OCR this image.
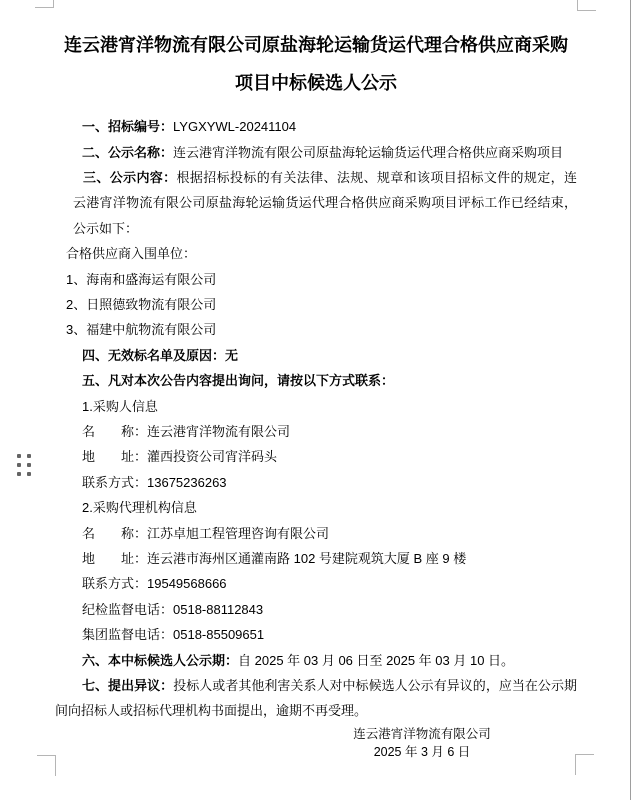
连云港宵洋物流有限公司原盐海轮运输货运代理合格供应商采购
项目中标候选人公示

一、招标编号：LYGXYWL-20241104

二、公示名称：连云港宵洋物流有限公司原盐海轮运输货运代理合格供应商采购项目

三、公示内容：根据招标投标的有关法律、法规、规章和该项目招标文件的规定，连云港宵洋物流有限公司原盐海轮运输货运代理合格供应商采购项目评标工作已经结束，公示如下：

合格供应商入围单位：

1、海南和盛海运有限公司

2、日照德致物流有限公司

3、福建中航物流有限公司

四、无效标名单及原因：无

五、凡对本次公告内容提出询问，请按以下方式联系：

1.采购人信息

名　　称：连云港宵洋物流有限公司

地　　址：灌西投资公司宵洋码头

联系方式：13675236263

2.采购代理机构信息

名　　称：江苏卓旭工程管理咨询有限公司

地　　址：连云港市海州区通灌南路 102 号建院观筑大厦 B 座 9 楼

联系方式：19549568666

纪检监督电话：0518-88112843

集团监督电话：0518-85509651

六、本中标候选人公示期：自 2025 年 03 月 06 日至 2025 年 03 月 10 日。

七、提出异议：投标人或者其他利害关系人对中标候选人公示有异议的，应当在公示期间向招标人或招标代理机构书面提出，逾期不再受理。

连云港宵洋物流有限公司
2025 年 3 月 6 日
